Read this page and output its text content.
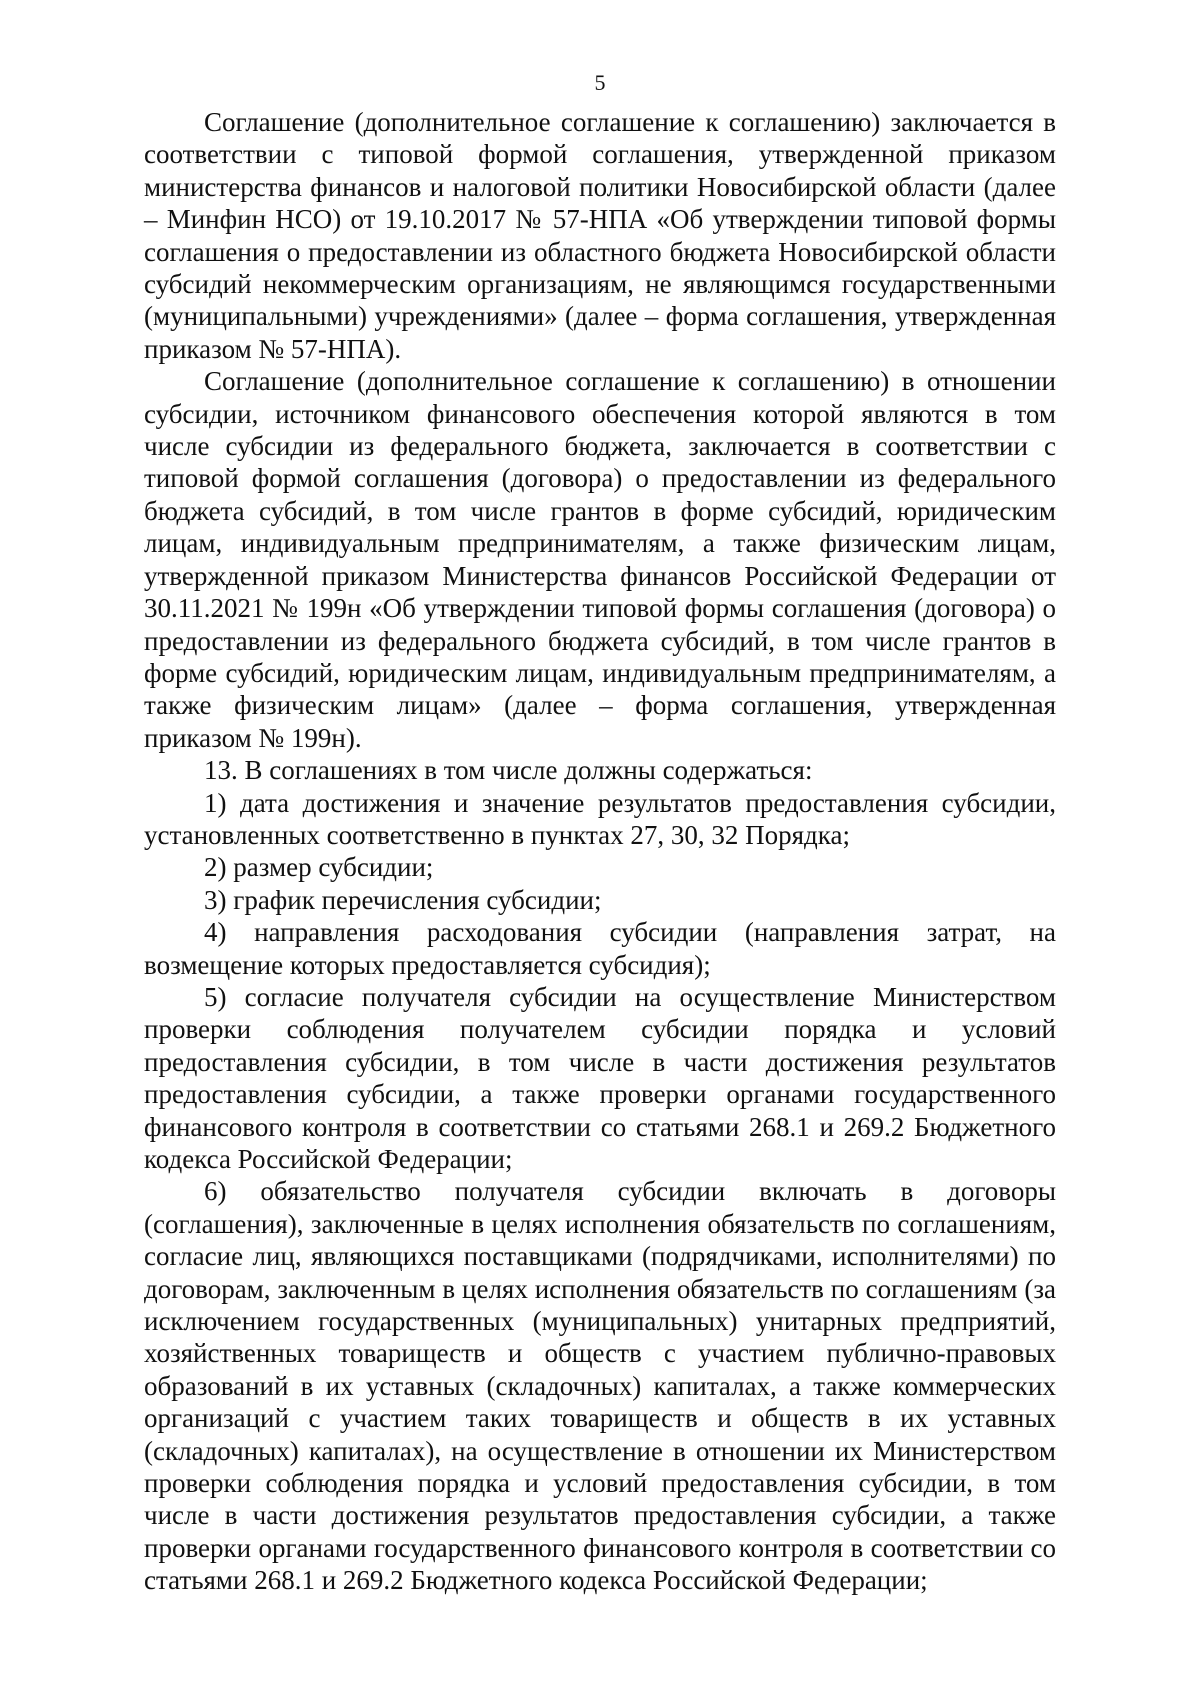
5

Соглашение (дополнительное соглашение к соглашению) заключается в соответствии с типовой формой соглашения, утвержденной приказом министерства финансов и налоговой политики Новосибирской области (далее – Минфин НСО) от 19.10.2017 № 57-НПА «Об утверждении типовой формы соглашения о предоставлении из областного бюджета Новосибирской области субсидий некоммерческим организациям, не являющимся государственными (муниципальными) учреждениями» (далее – форма соглашения, утвержденная приказом № 57-НПА).

Соглашение (дополнительное соглашение к соглашению) в отношении субсидии, источником финансового обеспечения которой являются в том числе субсидии из федерального бюджета, заключается в соответствии с типовой формой соглашения (договора) о предоставлении из федерального бюджета субсидий, в том числе грантов в форме субсидий, юридическим лицам, индивидуальным предпринимателям, а также физическим лицам, утвержденной приказом Министерства финансов Российской Федерации от 30.11.2021 № 199н «Об утверждении типовой формы соглашения (договора) о предоставлении из федерального бюджета субсидий, в том числе грантов в форме субсидий, юридическим лицам, индивидуальным предпринимателям, а также физическим лицам» (далее – форма соглашения, утвержденная приказом № 199н).

13. В соглашениях в том числе должны содержаться:

1) дата достижения и значение результатов предоставления субсидии, установленных соответственно в пунктах 27, 30, 32 Порядка;

2) размер субсидии;

3) график перечисления субсидии;

4) направления расходования субсидии (направления затрат, на возмещение которых предоставляется субсидия);

5) согласие получателя субсидии на осуществление Министерством проверки соблюдения получателем субсидии порядка и условий предоставления субсидии, в том числе в части достижения результатов предоставления субсидии, а также проверки органами государственного финансового контроля в соответствии со статьями 268.1 и 269.2 Бюджетного кодекса Российской Федерации;

6) обязательство получателя субсидии включать в договоры (соглашения), заключенные в целях исполнения обязательств по соглашениям, согласие лиц, являющихся поставщиками (подрядчиками, исполнителями) по договорам, заключенным в целях исполнения обязательств по соглашениям (за исключением государственных (муниципальных) унитарных предприятий, хозяйственных товариществ и обществ с участием публично-правовых образований в их уставных (складочных) капиталах, а также коммерческих организаций с участием таких товариществ и обществ в их уставных (складочных) капиталах), на осуществление в отношении их Министерством проверки соблюдения порядка и условий предоставления субсидии, в том числе в части достижения результатов предоставления субсидии, а также проверки органами государственного финансового контроля в соответствии со статьями 268.1 и 269.2 Бюджетного кодекса Российской Федерации;
